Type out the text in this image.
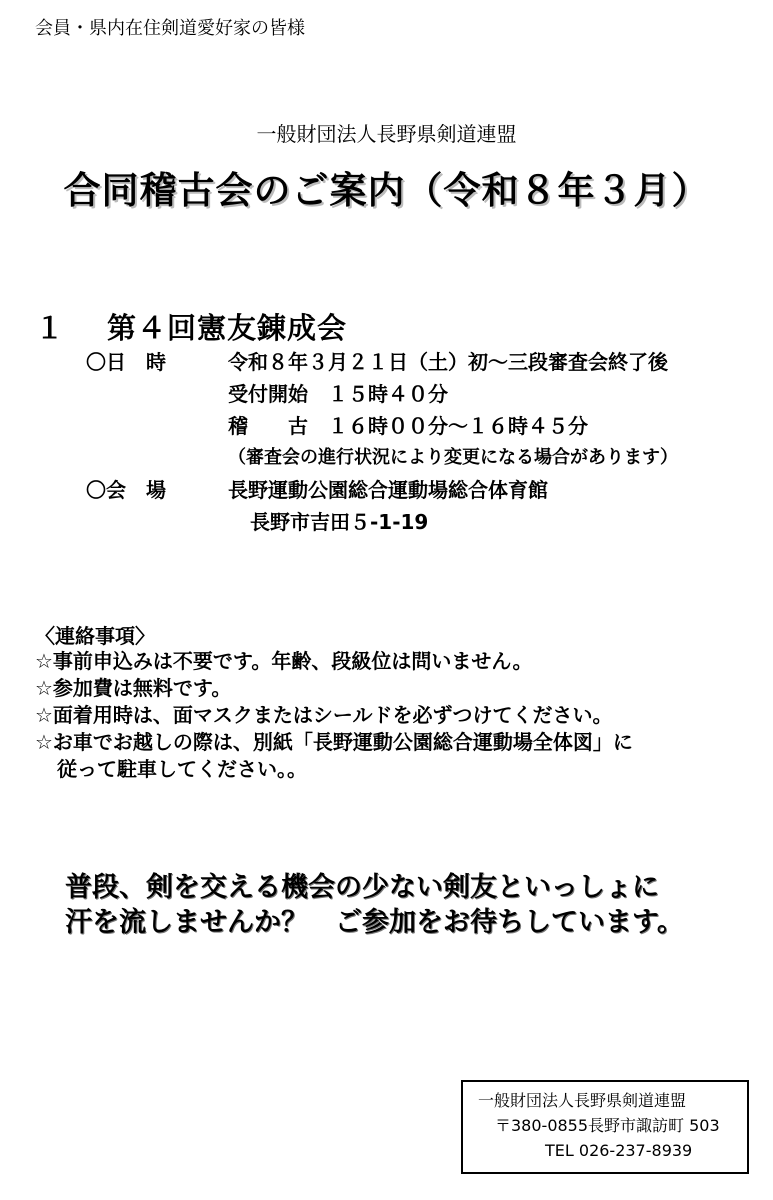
会員・県内在住剣道愛好家の皆様
一般財団法人長野県剣道連盟
合同稽古会のご案内（令和８年３月）
１ 第４回憲友錬成会
〇日　時	令和８年３月２１日（土）初～三段審査会終了後
受付開始　１５時４０分
稽　　古　１６時００分～１６時４５分
（審査会の進行状況により変更になる場合があります）
〇会　場	長野運動公園総合運動場総合体育館
長野市吉田５-1-19
〈連絡事項〉
☆事前申込みは不要です。年齢、段級位は問いません。
☆参加費は無料です。
☆面着用時は、面マスクまたはシールドを必ずつけてください。
☆お車でお越しの際は、別紙「長野運動公園総合運動場全体図」に
従って駐車してください。。
普段、剣を交える機会の少ない剣友といっしょに
汗を流しませんか？　ご参加をお待ちしています。
一般財団法人長野県剣道連盟
〒380-0855長野市諏訪町 503
TEL 026-237-8939
